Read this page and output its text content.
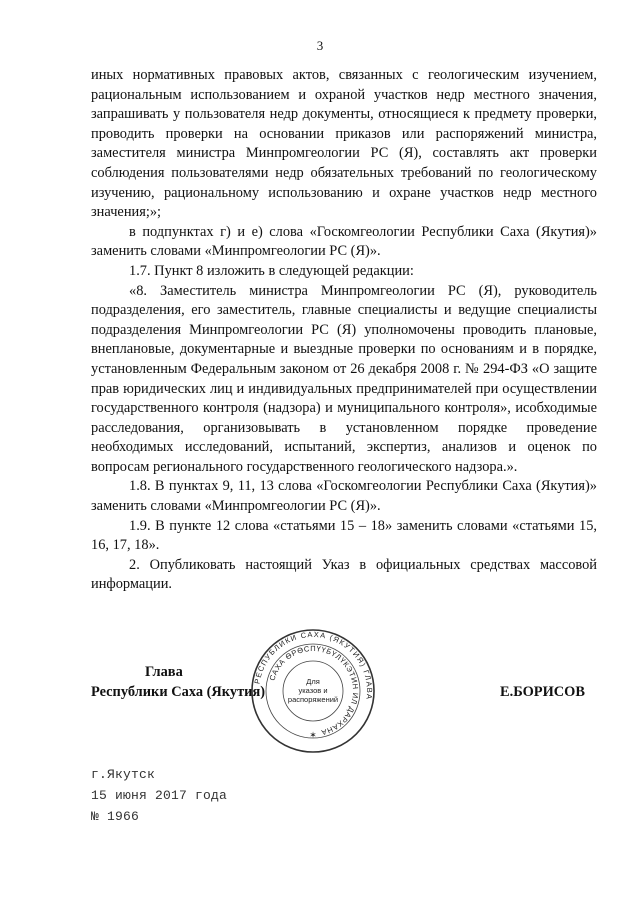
3

иных нормативных правовых актов, связанных с геологическим изучением, рациональным использованием и охраной участков недр местного значения, запрашивать у пользователя недр документы, относящиеся к предмету проверки, проводить проверки на основании приказов или распоряжений министра, заместителя министра Минпромгеологии РС (Я), составлять акт проверки соблюдения пользователями недр обязательных требований по геологическому изучению, рациональному использованию и охране участков недр местного значения;»;

в подпунктах г) и е) слова «Госкомгеологии Республики Саха (Якутия)» заменить словами «Минпромгеологии РС (Я)».

1.7. Пункт 8 изложить в следующей редакции:

«8. Заместитель министра Минпромгеологии РС (Я), руководитель подразделения, его заместитель, главные специалисты и ведущие специалисты подразделения Минпромгеологии РС (Я) уполномочены проводить плановые, внеплановые, документарные и выездные проверки по основаниям и в порядке, установленным Федеральным законом от 26 декабря 2008 г. № 294-ФЗ «О защите прав юридических лиц и индивидуальных предпринимателей при осуществлении государственного контроля (надзора) и муниципального контроля», исобходимые расследования, организовывать в установленном порядке проведение необходимых исследований, испытаний, экспертиз, анализов и оценок по вопросам регионального государственного геологического надзора.».

1.8. В пунктах 9, 11, 13 слова «Госкомгеологии Республики Саха (Якутия)» заменить словами «Минпромгеологии РС (Я)».

1.9. В пункте 12 слова «статьями 15 – 18» заменить словами «статьями 15, 16, 17, 18».

2. Опубликовать настоящий Указ в официальных средствах массовой информации.

Глава
Республики Саха (Якутия)	Е.БОРИСОВ
РЕСПУБЛИКИ САХА (ЯКУТИЯ) ГЛАВА
САХА ӨРӨСПҮҮБҮЛҮКЭТИН ИЛ ДАРХАНА
Для
указов и
распоряжений
✶
г.Якутск
15 июня 2017 года
№ 1966
